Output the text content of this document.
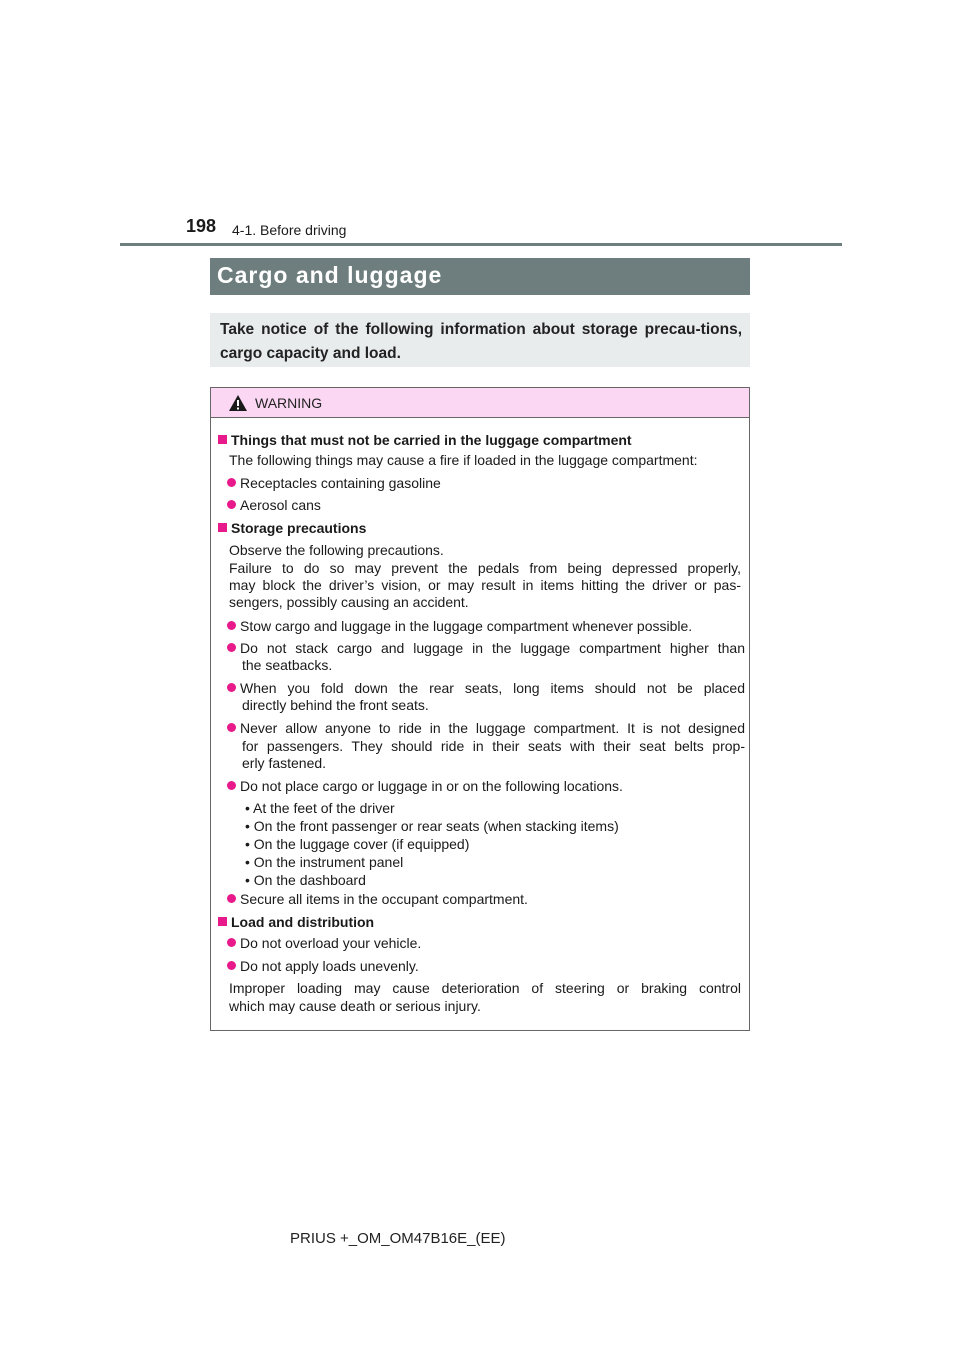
198 4-1. Before driving
Cargo and luggage
Take notice of the following information about storage precau-tions, cargo capacity and load.
WARNING
Things that must not be carried in the luggage compartment
The following things may cause a fire if loaded in the luggage compartment:
Receptacles containing gasoline
Aerosol cans
Storage precautions
Observe the following precautions.
Failure to do so may prevent the pedals from being depressed properly,
may block the driver’s vision, or may result in items hitting the driver or pas-
sengers, possibly causing an accident.
Stow cargo and luggage in the luggage compartment whenever possible.
Do not stack cargo and luggage in the luggage compartment higher than
the seatbacks.
When you fold down the rear seats, long items should not be placed
directly behind the front seats.
Never allow anyone to ride in the luggage compartment. It is not designed
for passengers. They should ride in their seats with their seat belts prop-
erly fastened.
Do not place cargo or luggage in or on the following locations.
• At the feet of the driver
• On the front passenger or rear seats (when stacking items)
• On the luggage cover (if equipped)
• On the instrument panel
• On the dashboard
Secure all items in the occupant compartment.
Load and distribution
Do not overload your vehicle.
Do not apply loads unevenly.
Improper loading may cause deterioration of steering or braking control
which may cause death or serious injury.
PRIUS +_OM_OM47B16E_(EE)
